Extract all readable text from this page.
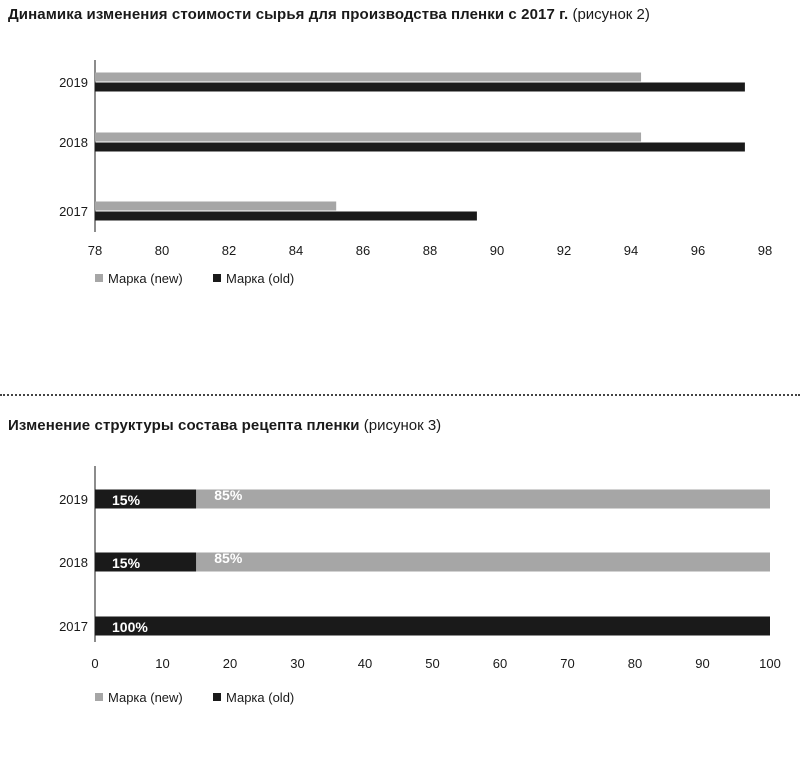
Динамика изменения стоимости сырья для производства пленки с 2017 г. (рисунок 2)
2017
2018
2019
78	80	82	84	86	88	90	92	94	96	98
Марка (new)	Марка (old)
Изменение структуры состава рецепта пленки (рисунок 3)
100%
2017
15%	85%
2018
15%	85%
2019
0	10	20	30	40	50	60	70	80	90	100
Марка (new)	Марка (old)
